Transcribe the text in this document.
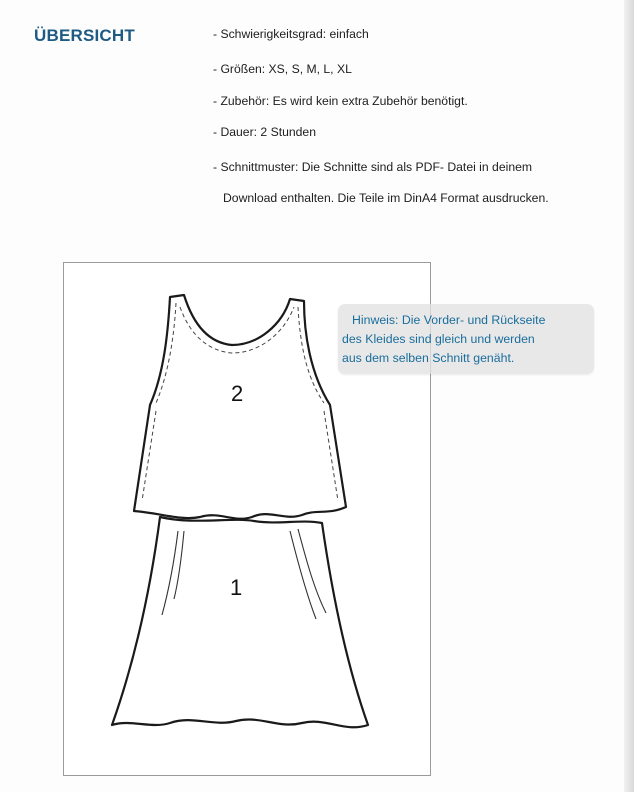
ÜBERSICHT	- Schwierigkeitsgrad: einfach
- Größen: XS, S, M, L, XL
- Zubehör: Es wird kein extra Zubehör benötigt.
- Dauer: 2 Stunden
- Schnittmuster: Die Schnitte sind als PDF- Datei in deinem
Download enthalten. Die Teile im DinA4 Format ausdrucken.
2
1
Hinweis: Die Vorder- und Rückseite
des Kleides sind gleich und werden
aus dem selben Schnitt genäht.
